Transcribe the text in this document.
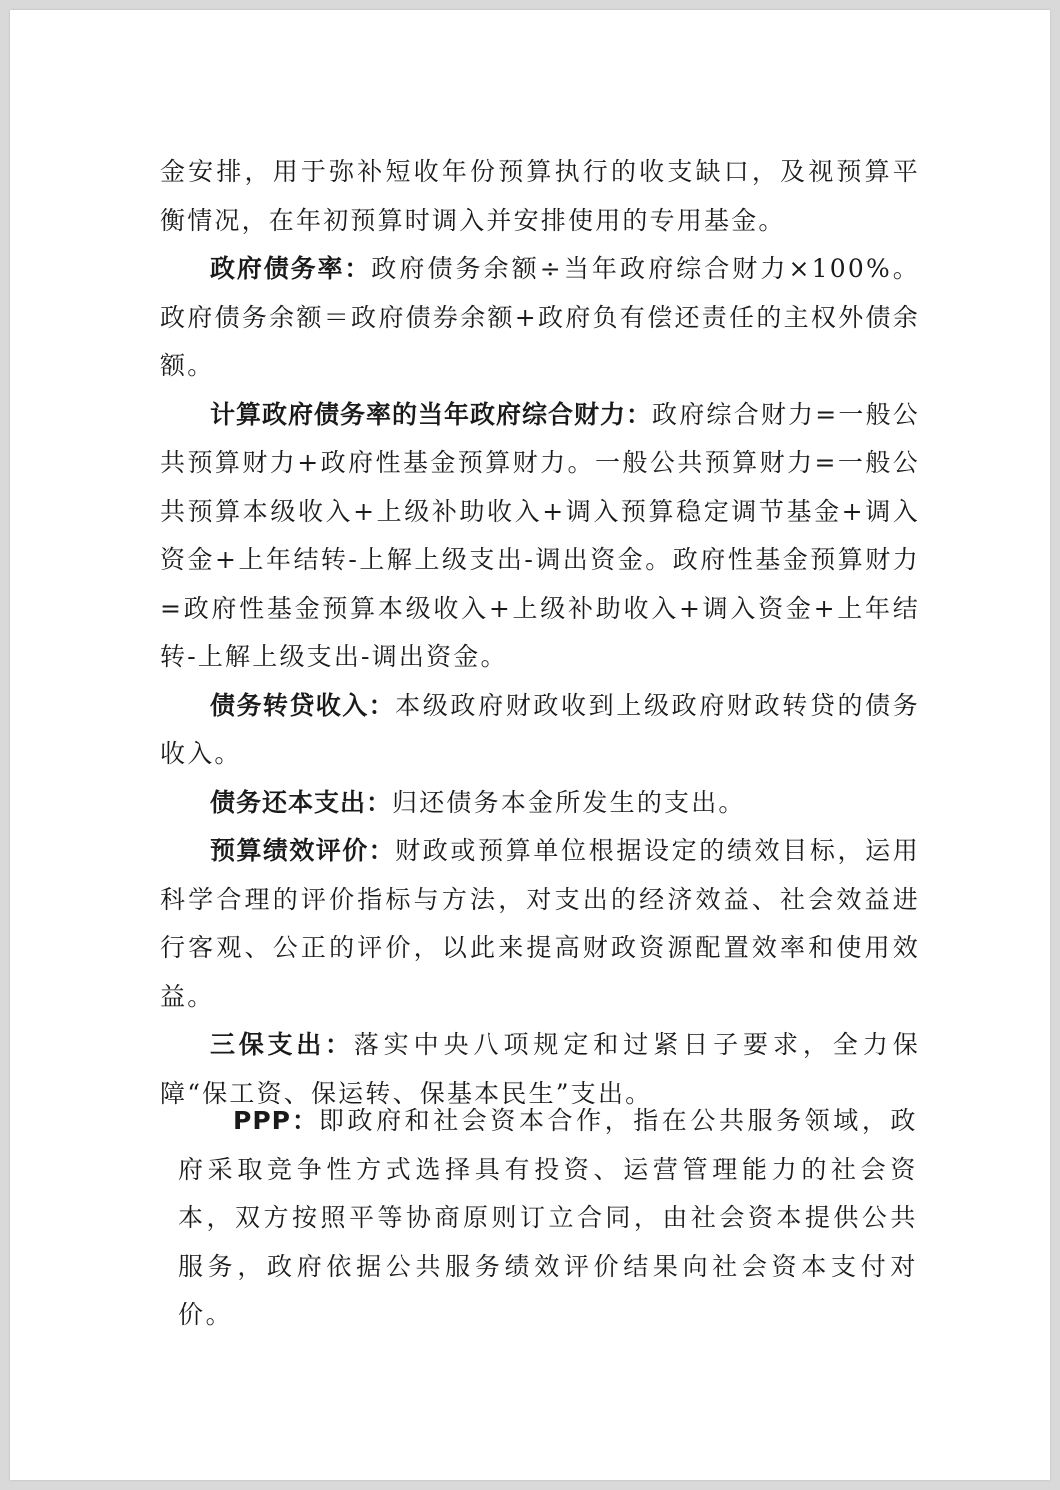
金安排，用于弥补短收年份预算执行的收支缺口，及视预算平衡情况，在年初预算时调入并安排使用的专用基金。

政府债务率：政府债务余额÷当年政府综合财力×100%。政府债务余额＝政府债券余额+政府负有偿还责任的主权外债余额。

计算政府债务率的当年政府综合财力：政府综合财力=一般公共预算财力+政府性基金预算财力。一般公共预算财力=一般公共预算本级收入+上级补助收入+调入预算稳定调节基金+调入资金+上年结转-上解上级支出-调出资金。政府性基金预算财力=政府性基金预算本级收入+上级补助收入+调入资金+上年结转-上解上级支出-调出资金。

债务转贷收入：本级政府财政收到上级政府财政转贷的债务收入。

债务还本支出：归还债务本金所发生的支出。

预算绩效评价：财政或预算单位根据设定的绩效目标，运用科学合理的评价指标与方法，对支出的经济效益、社会效益进行客观、公正的评价，以此来提高财政资源配置效率和使用效益。

三保支出：落实中央八项规定和过紧日子要求，全力保障“保工资、保运转、保基本民生”支出。

PPP：即政府和社会资本合作，指在公共服务领域，政府采取竞争性方式选择具有投资、运营管理能力的社会资本，双方按照平等协商原则订立合同，由社会资本提供公共服务，政府依据公共服务绩效评价结果向社会资本支付对价。
